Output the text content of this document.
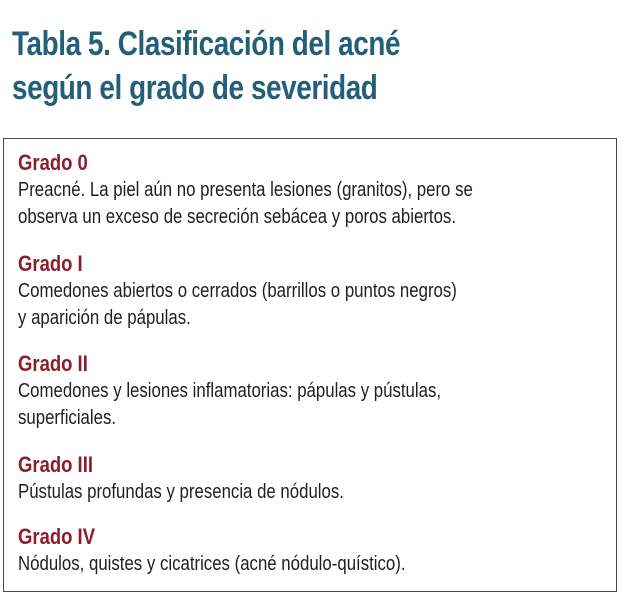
Tabla 5. Clasificación del acné
según el grado de severidad
Grado 0
Preacné. La piel aún no presenta lesiones (granitos), pero se
observa un exceso de secreción sebácea y poros abiertos.
Grado I
Comedones abiertos o cerrados (barrillos o puntos negros)
y aparición de pápulas.
Grado II
Comedones y lesiones inflamatorias: pápulas y pústulas,
superficiales.
Grado III
Pústulas profundas y presencia de nódulos.
Grado IV
Nódulos, quistes y cicatrices (acné nódulo-quístico).
